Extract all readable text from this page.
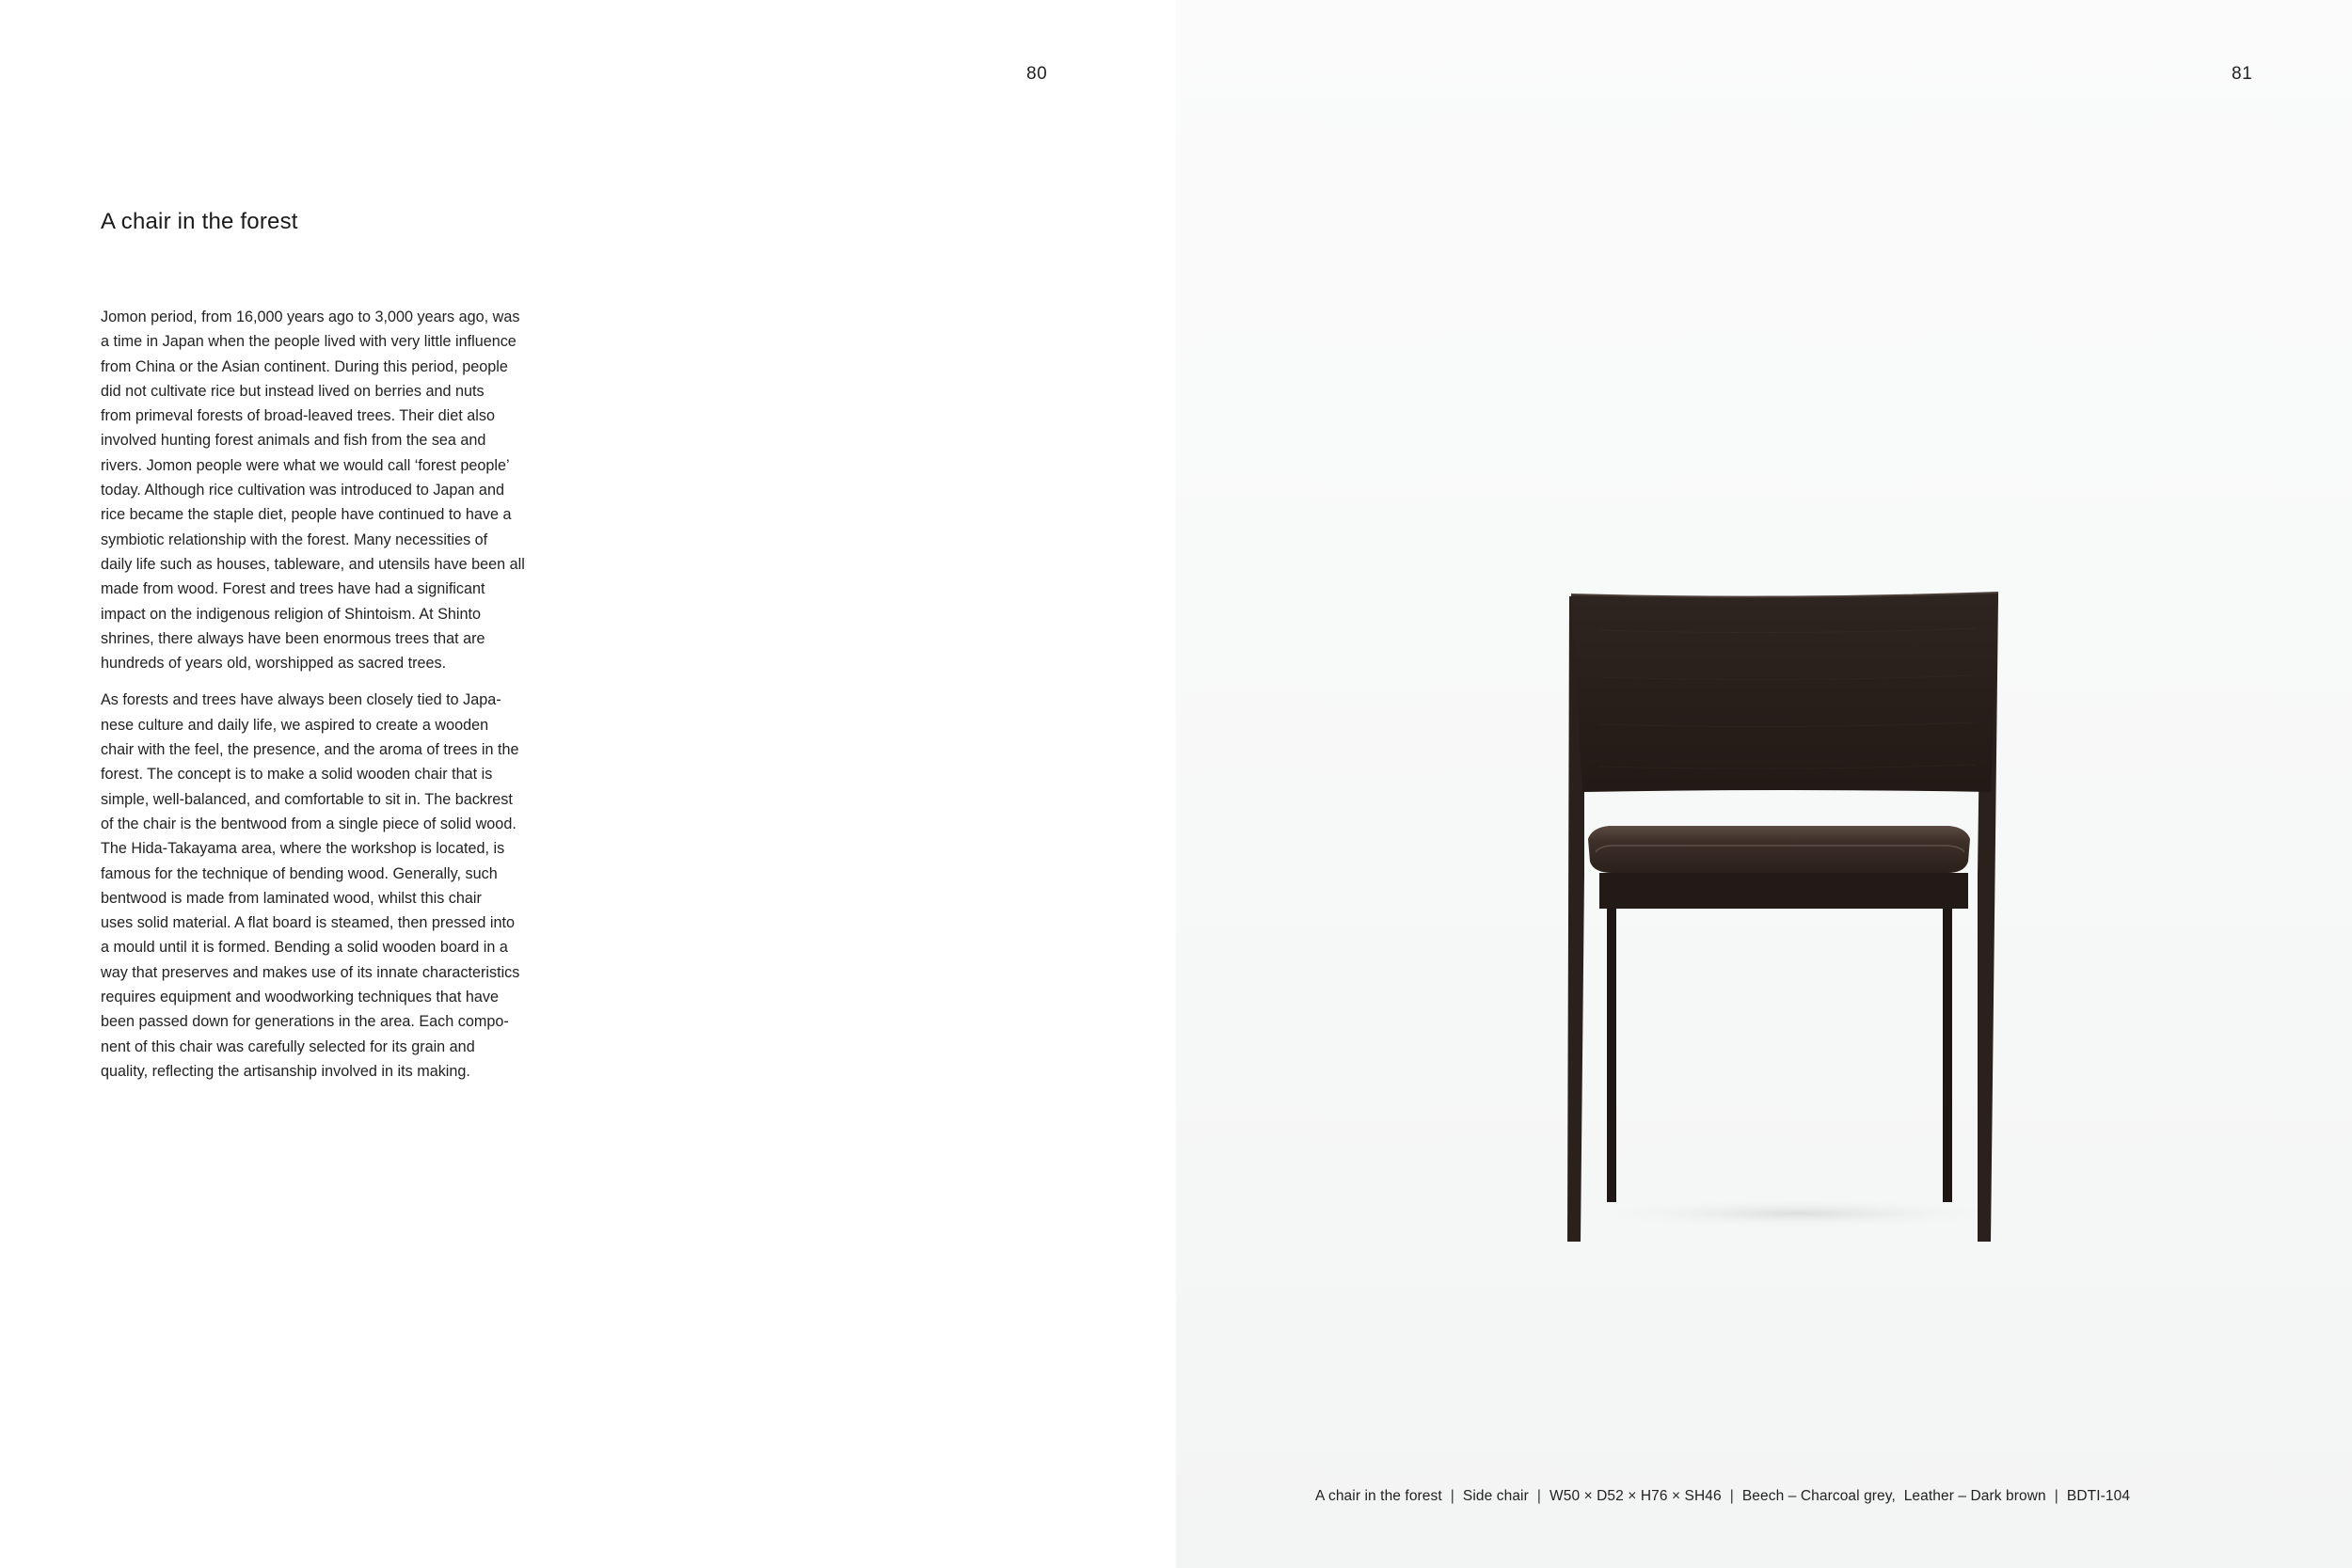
80
A chair in the forest

Jomon period, from 16,000 years ago to 3,000 years ago, was
a time in Japan when the people lived with very little influence
from China or the Asian continent. During this period, people
did not cultivate rice but instead lived on berries and nuts
from primeval forests of broad-leaved trees. Their diet also
involved hunting forest animals and fish from the sea and
rivers. Jomon people were what we would call ‘forest people’
today. Although rice cultivation was introduced to Japan and
rice became the staple diet, people have continued to have a
symbiotic relationship with the forest. Many necessities of
daily life such as houses, tableware, and utensils have been all
made from wood. Forest and trees have had a significant
impact on the indigenous religion of Shintoism. At Shinto
shrines, there always have been enormous trees that are
hundreds of years old, worshipped as sacred trees.

As forests and trees have always been closely tied to Japa-
nese culture and daily life, we aspired to create a wooden
chair with the feel, the presence, and the aroma of trees in the
forest. The concept is to make a solid wooden chair that is
simple, well-balanced, and comfortable to sit in. The backrest
of the chair is the bentwood from a single piece of solid wood.
The Hida-Takayama area, where the workshop is located, is
famous for the technique of bending wood. Generally, such
bentwood is made from laminated wood, whilst this chair
uses solid material. A flat board is steamed, then pressed into
a mould until it is formed. Bending a solid wooden board in a
way that preserves and makes use of its innate characteristics
requires equipment and woodworking techniques that have
been passed down for generations in the area. Each compo-
nent of this chair was carefully selected for its grain and
quality, reflecting the artisanship involved in its making.

81
A chair in the forest | Side chair | W50 × D52 × H76 × SH46 | Beech – Charcoal grey,  Leather – Dark brown | BDTI-104
